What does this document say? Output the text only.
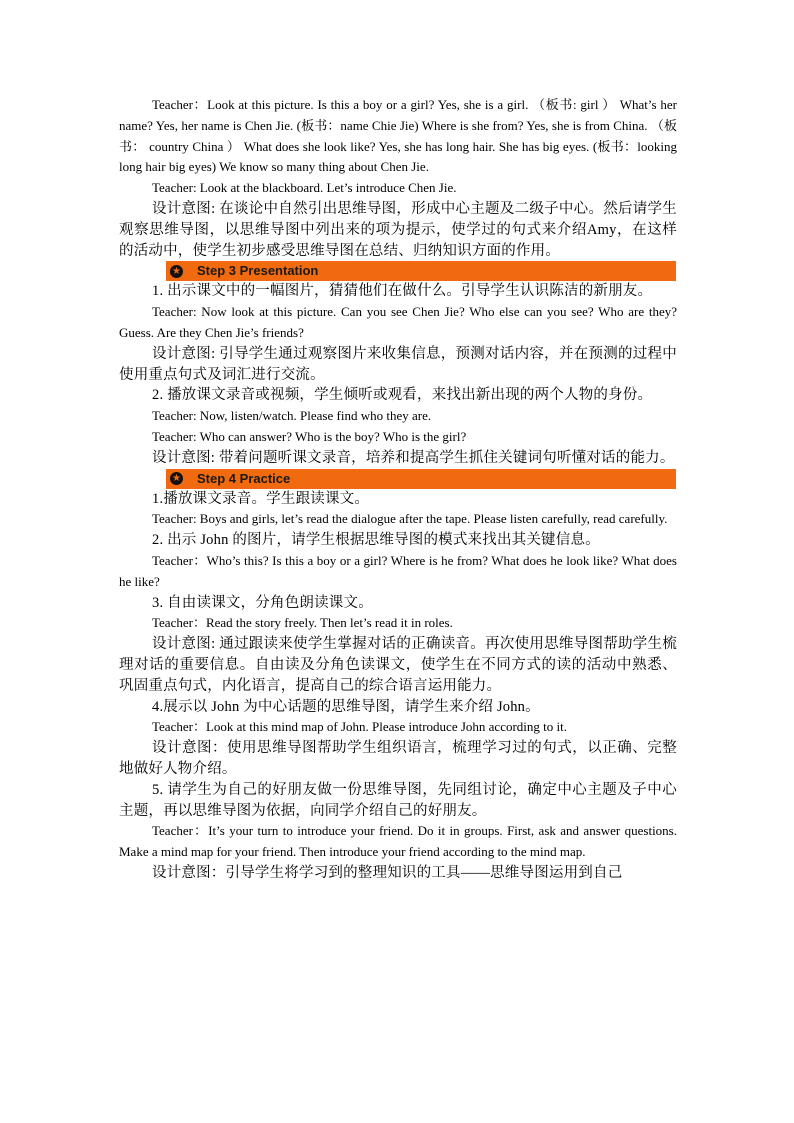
Teacher：Look at this picture. Is this a boy or a girl? Yes, she is a girl. （板书: girl ） What’s her name? Yes, her name is Chen Jie. (板书：name Chie Jie) Where is she from? Yes, she is from China. （板书： country China ） What does she look like? Yes, she has long hair. She has big eyes. (板书：looking long hair big eyes) We know so many thing about Chen Jie.

Teacher: Look at the blackboard. Let’s introduce Chen Jie.

设计意图: 在谈论中自然引出思维导图，形成中心主题及二级子中心。然后请学生观察思维导图，以思维导图中列出来的项为提示，使学过的句式来介绍Amy，在这样的活动中，使学生初步感受思维导图在总结、归纳知识方面的作用。

★ Step 3 Presentation

1. 出示课文中的一幅图片，猜猜他们在做什么。引导学生认识陈洁的新朋友。

Teacher: Now look at this picture. Can you see Chen Jie? Who else can you see? Who are they? Guess. Are they Chen Jie’s friends?

设计意图: 引导学生通过观察图片来收集信息，预测对话内容，并在预测的过程中使用重点句式及词汇进行交流。

2. 播放课文录音或视频，学生倾听或观看，来找出新出现的两个人物的身份。

Teacher: Now, listen/watch. Please find who they are.

Teacher: Who can answer? Who is the boy? Who is the girl?

设计意图: 带着问题听课文录音，培养和提高学生抓住关键词句听懂对话的能力。

★ Step 4 Practice

1.播放课文录音。学生跟读课文。

Teacher: Boys and girls, let’s read the dialogue after the tape. Please listen carefully, read carefully.

2. 出示 John 的图片，请学生根据思维导图的模式来找出其关键信息。

Teacher：Who’s this? Is this a boy or a girl? Where is he from? What does he look like? What does he like?

3. 自由读课文，分角色朗读课文。

Teacher：Read the story freely. Then let’s read it in roles.

设计意图: 通过跟读来使学生掌握对话的正确读音。再次使用思维导图帮助学生梳理对话的重要信息。自由读及分角色读课文，使学生在不同方式的读的活动中熟悉、巩固重点句式，内化语言，提高自己的综合语言运用能力。

4.展示以 John 为中心话题的思维导图，请学生来介绍 John。

Teacher：Look at this mind map of John. Please introduce John according to it.

设计意图：使用思维导图帮助学生组织语言，梳理学习过的句式，以正确、完整地做好人物介绍。

5. 请学生为自己的好朋友做一份思维导图，先同组讨论，确定中心主题及子中心主题，再以思维导图为依据，向同学介绍自己的好朋友。

Teacher：It’s your turn to introduce your friend. Do it in groups. First, ask and answer questions. Make a mind map for your friend. Then introduce your friend according to the mind map.

设计意图：引导学生将学习到的整理知识的工具——思维导图运用到自己
